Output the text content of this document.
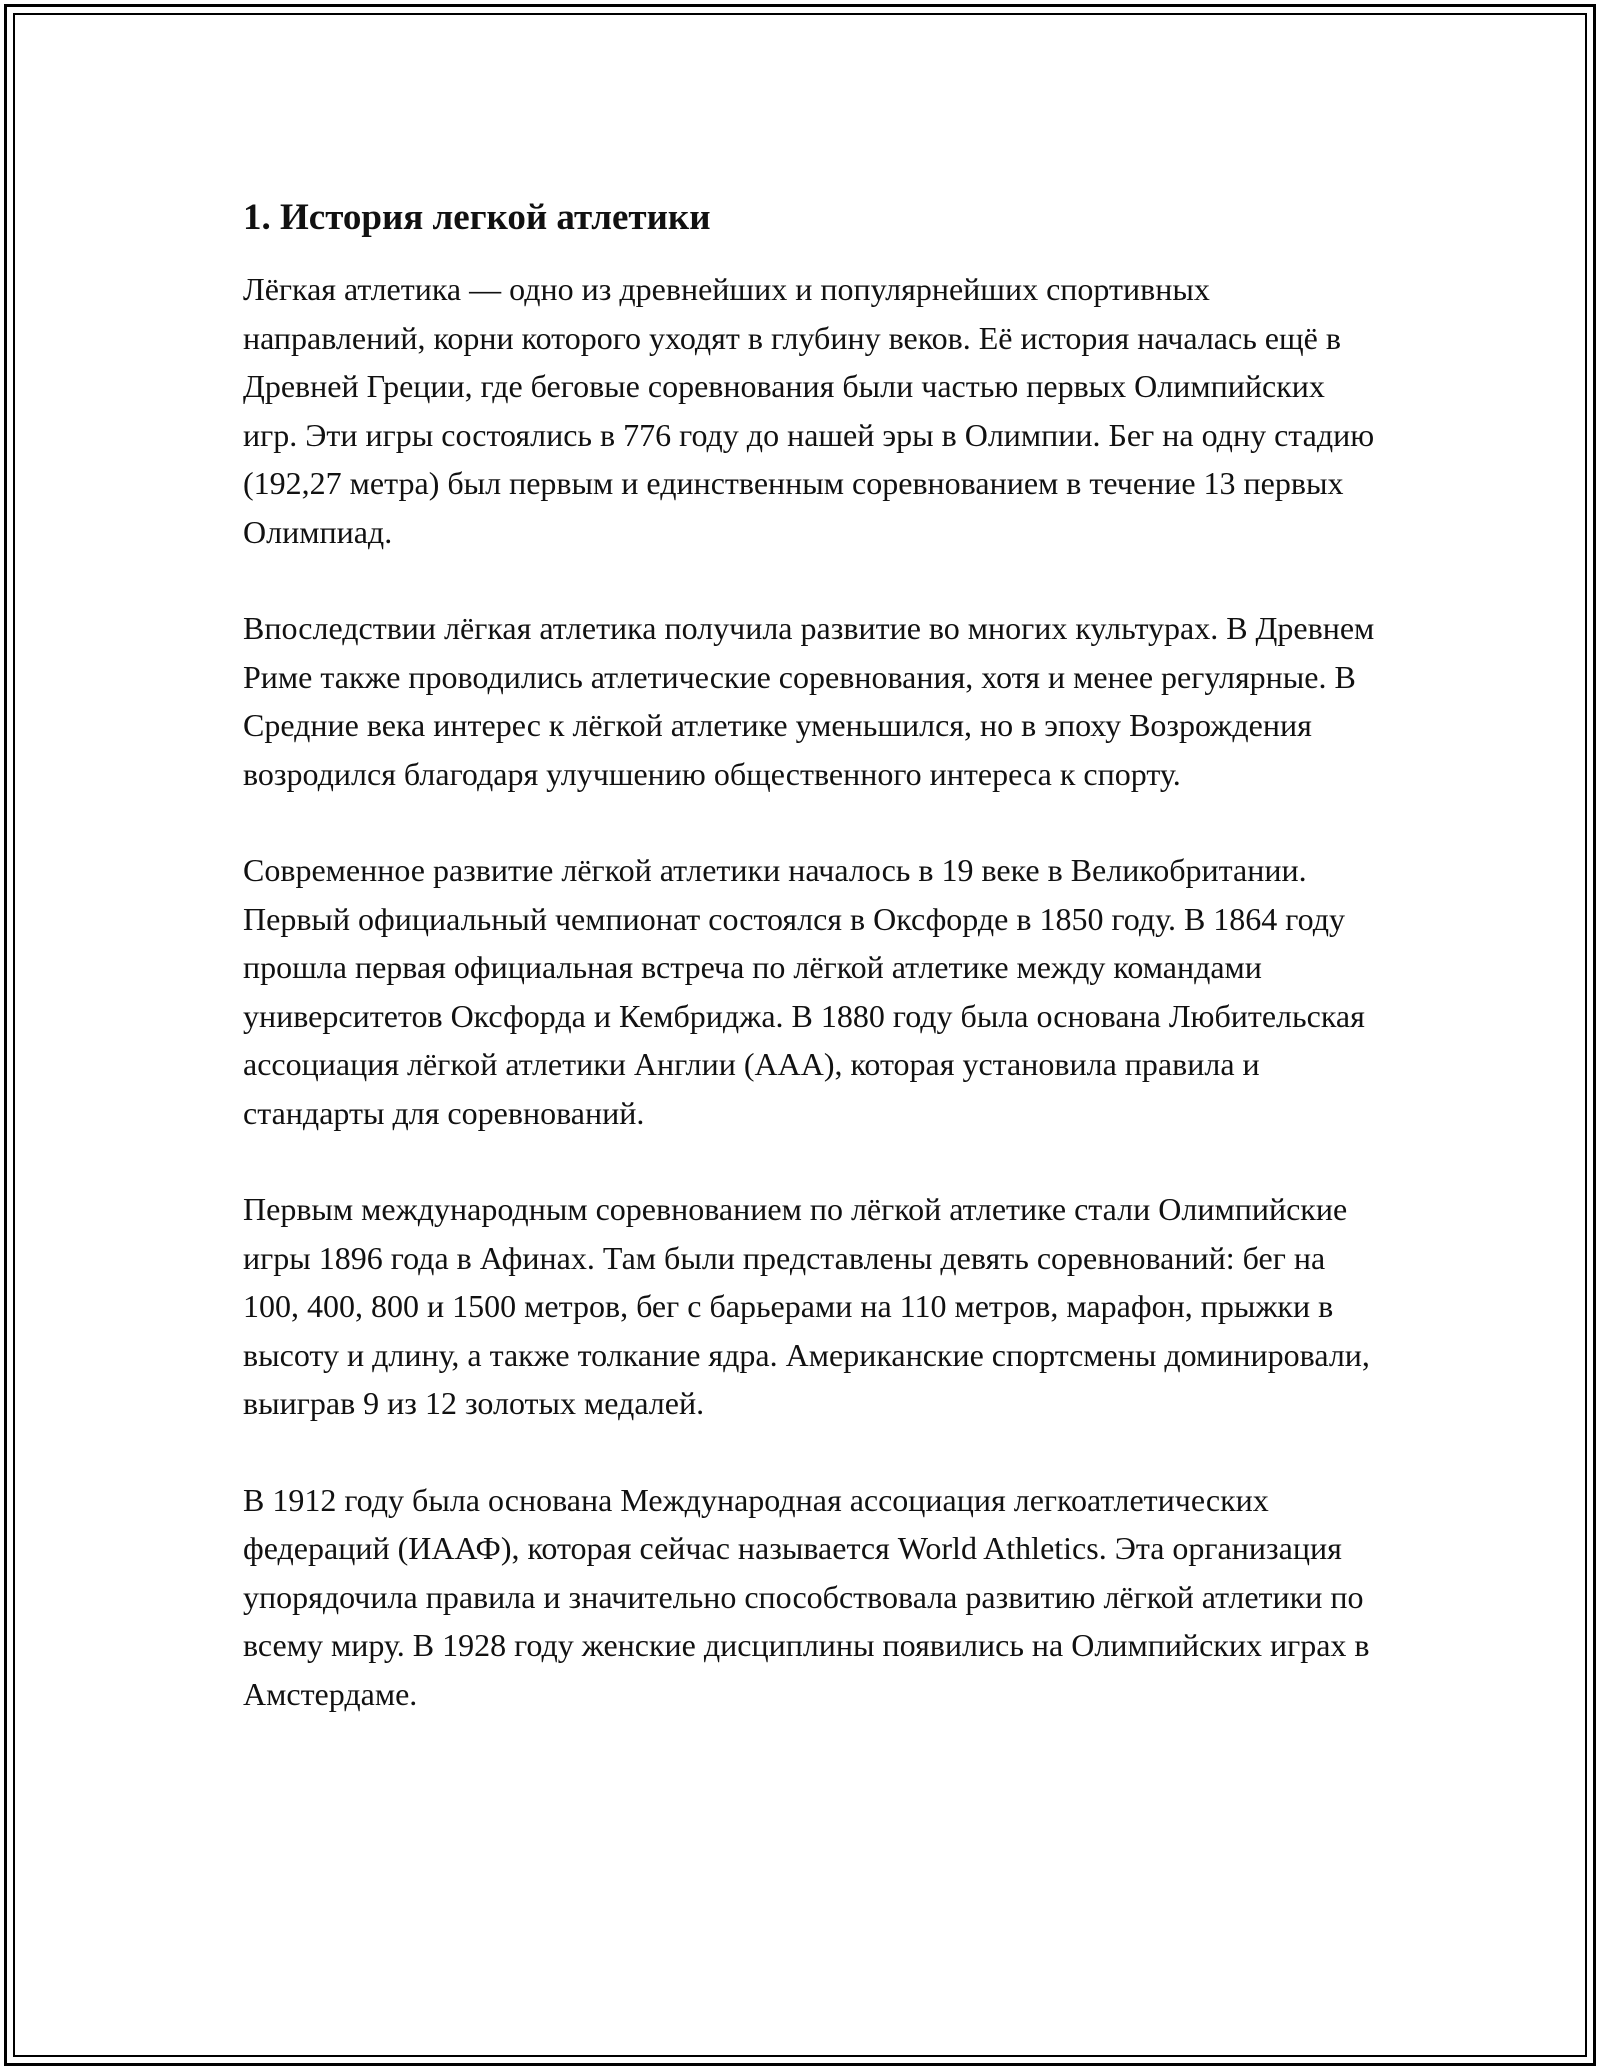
1. История легкой атлетики

Лёгкая атлетика — одно из древнейших и популярнейших спортивных направлений, корни которого уходят в глубину веков. Её история началась ещё в Древней Греции, где беговые соревнования были частью первых Олимпийских игр. Эти игры состоялись в 776 году до нашей эры в Олимпии. Бег на одну стадию (192,27 метра) был первым и единственным соревнованием в течение 13 первых Олимпиад.

Впоследствии лёгкая атлетика получила развитие во многих культурах. В Древнем Риме также проводились атлетические соревнования, хотя и менее регулярные. В Средние века интерес к лёгкой атлетике уменьшился, но в эпоху Возрождения возродился благодаря улучшению общественного интереса к спорту.

Современное развитие лёгкой атлетики началось в 19 веке в Великобритании. Первый официальный чемпионат состоялся в Оксфорде в 1850 году. В 1864 году прошла первая официальная встреча по лёгкой атлетике между командами университетов Оксфорда и Кембриджа. В 1880 году была основана Любительская ассоциация лёгкой атлетики Англии (AAA), которая установила правила и стандарты для соревнований.

Первым международным соревнованием по лёгкой атлетике стали Олимпийские игры 1896 года в Афинах. Там были представлены девять соревнований: бег на 100, 400, 800 и 1500 метров, бег с барьерами на 110 метров, марафон, прыжки в высоту и длину, а также толкание ядра. Американские спортсмены доминировали, выиграв 9 из 12 золотых медалей.

В 1912 году была основана Международная ассоциация легкоатлетических федераций (ИААФ), которая сейчас называется World Athletics. Эта организация упорядочила правила и значительно способствовала развитию лёгкой атлетики по всему миру. В 1928 году женские дисциплины появились на Олимпийских играх в Амстердаме.
